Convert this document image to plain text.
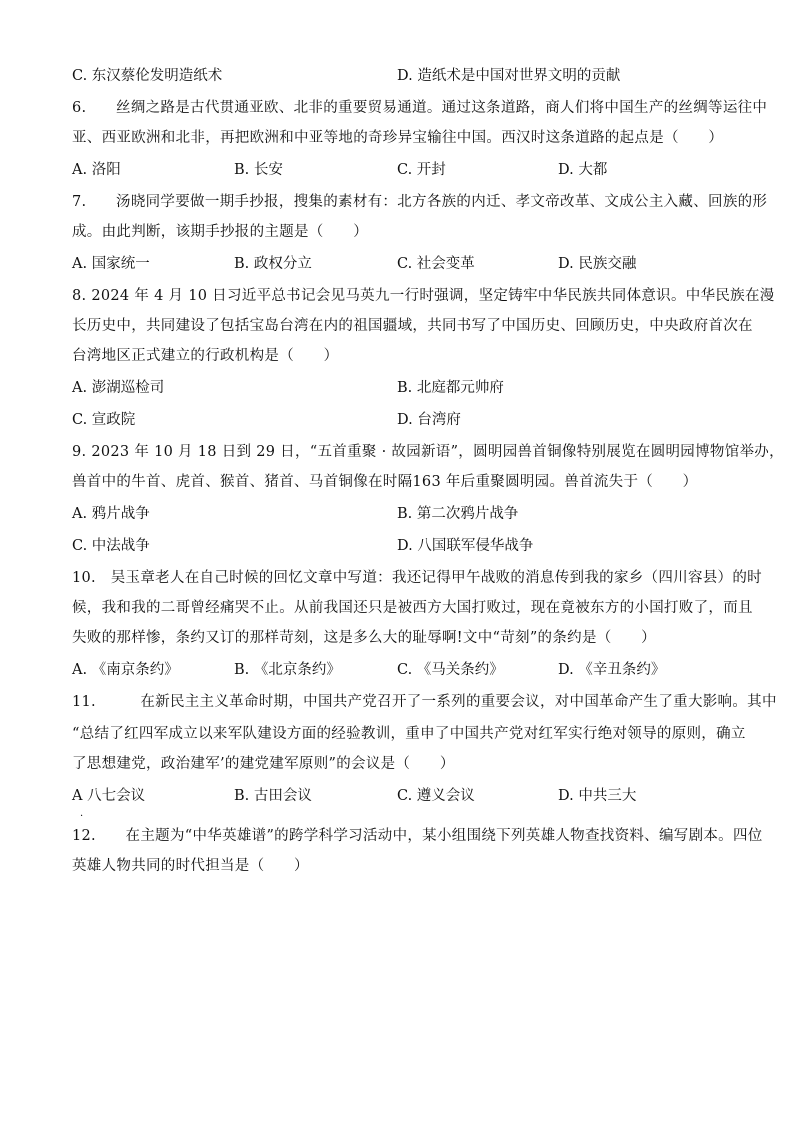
C. 东汉蔡伦发明造纸术	D. 造纸术是中国对世界文明的贡献
6.　　丝绸之路是古代贯通亚欧、北非的重要贸易通道。通过这条道路，商人们将中国生产的丝绸等运往中
亚、西亚欧洲和北非，再把欧洲和中亚等地的奇珍异宝输往中国。西汉时这条道路的起点是（　　）
A. 洛阳	B. 长安	C. 开封	D. 大都
7.　　汤晓同学要做一期手抄报，搜集的素材有：北方各族的内迁、孝文帝改革、文成公主入藏、回族的形
成。由此判断，该期手抄报的主题是（　　）
A. 国家统一	B. 政权分立	C. 社会变革	D. 民族交融
8. 2024 年 4 月 10 日习近平总书记会见马英九一行时强调，坚定铸牢中华民族共同体意识。中华民族在漫
长历史中，共同建设了包括宝岛台湾在内的祖国疆域，共同书写了中国历史、回顾历史，中央政府首次在
台湾地区正式建立的行政机构是（　　）
A. 澎湖巡检司	B. 北庭都元帅府
C. 宣政院	D. 台湾府
9. 2023 年 10 月 18 日到 29 日，“五首重聚 · 故园新语”，圆明园兽首铜像特别展览在圆明园博物馆举办，
兽首中的牛首、虎首、猴首、猪首、马首铜像在时隔163 年后重聚圆明园。兽首流失于（　　）
A. 鸦片战争	B. 第二次鸦片战争
C. 中法战争	D. 八国联军侵华战争
10.　吴玉章老人在自己时候的回忆文章中写道：我还记得甲午战败的消息传到我的家乡（四川容县）的时
候，我和我的二哥曾经痛哭不止。从前我国还只是被西方大国打败过，现在竟被东方的小国打败了，而且
失败的那样惨，条约又订的那样苛刻，这是多么大的耻辱啊!文中“苛刻”的条约是（　　）
A. 《南京条约》	B. 《北京条约》	C. 《马关条约》	D. 《辛丑条约》
11.　　　在新民主主义革命时期，中国共产党召开了一系列的重要会议，对中国革命产生了重大影响。其中
“总结了红四军成立以来军队建设方面的经验教训，重申了中国共产党对红军实行绝对领导的原则，确立
了思想建党，政治建军’的建党建军原则”的会议是（　　）
A 八七会议	B. 古田会议	C. 遵义会议	D. 中共三大
·
12.　　在主题为“中华英雄谱”的跨学科学习活动中，某小组围绕下列英雄人物查找资料、编写剧本。四位
英雄人物共同的时代担当是（　　）
